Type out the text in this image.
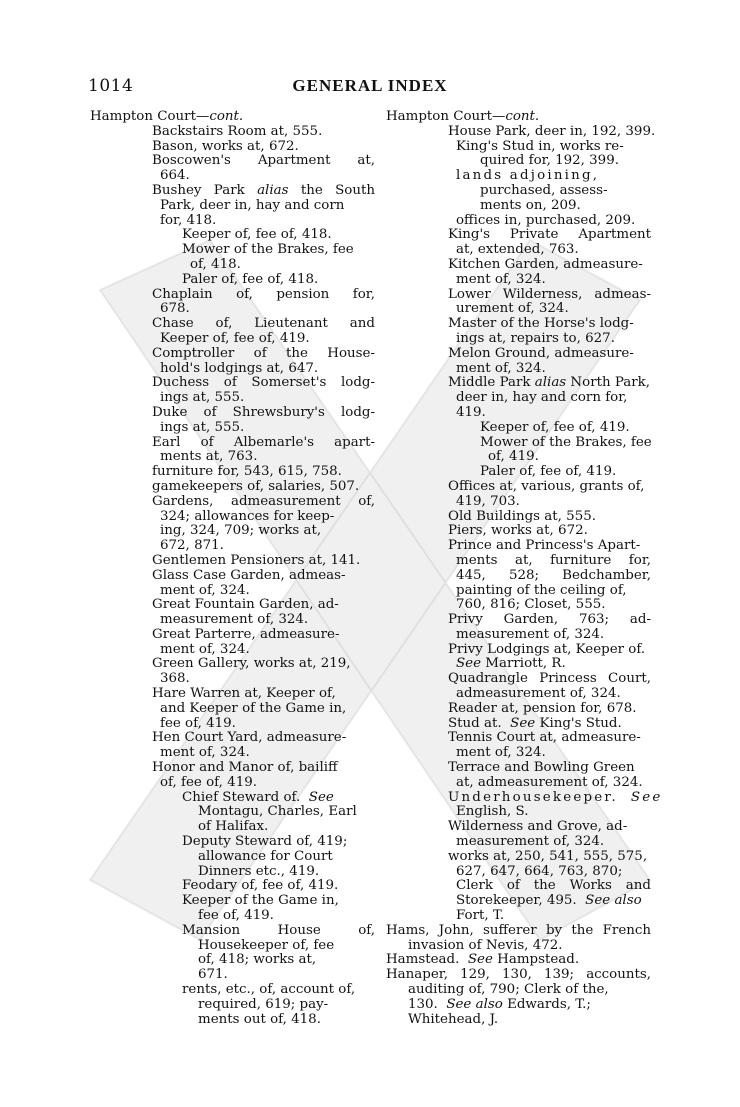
1014	GENERAL INDEX
Hampton Court—cont.
Backstairs Room at, 555.
Bason, works at, 672.
Boscowen's Apartment at,
664.
Bushey Park alias the South
Park, deer in, hay and corn
for, 418.
Keeper of, fee of, 418.
Mower of the Brakes, fee
of, 418.
Paler of, fee of, 418.
Chaplain of, pension for,
678.
Chase of, Lieutenant and
Keeper of, fee of, 419.
Comptroller of the House-
hold's lodgings at, 647.
Duchess of Somerset's lodg-
ings at, 555.
Duke of Shrewsbury's lodg-
ings at, 555.
Earl of Albemarle's apart-
ments at, 763.
furniture for, 543, 615, 758.
gamekeepers of, salaries, 507.
Gardens, admeasurement of,
324; allowances for keep-
ing, 324, 709; works at,
672, 871.
Gentlemen Pensioners at, 141.
Glass Case Garden, admeas-
ment of, 324.
Great Fountain Garden, ad-
measurement of, 324.
Great Parterre, admeasure-
ment of, 324.
Green Gallery, works at, 219,
368.
Hare Warren at, Keeper of,
and Keeper of the Game in,
fee of, 419.
Hen Court Yard, admeasure-
ment of, 324.
Honor and Manor of, bailiff
of, fee of, 419.
Chief Steward of.  See
Montagu, Charles, Earl
of Halifax.
Deputy Steward of, 419;
allowance for Court
Dinners etc., 419.
Feodary of, fee of, 419.
Keeper of the Game in,
fee of, 419.
Mansion House of,
Housekeeper of, fee
of, 418; works at,
671.
rents, etc., of, account of,
required, 619; pay-
ments out of, 418.
Hampton Court—cont.
House Park, deer in, 192, 399.
King's Stud in, works re-
quired for, 192, 399.
lands adjoining,
purchased, assess-
ments on, 209.
offices in, purchased, 209.
King's Private Apartment
at, extended, 763.
Kitchen Garden, admeasure-
ment of, 324.
Lower Wilderness, admeas-
urement of, 324.
Master of the Horse's lodg-
ings at, repairs to, 627.
Melon Ground, admeasure-
ment of, 324.
Middle Park alias North Park,
deer in, hay and corn for,
419.
Keeper of, fee of, 419.
Mower of the Brakes, fee
of, 419.
Paler of, fee of, 419.
Offices at, various, grants of,
419, 703.
Old Buildings at, 555.
Piers, works at, 672.
Prince and Princess's Apart-
ments at, furniture for,
445, 528; Bedchamber,
painting of the ceiling of,
760, 816; Closet, 555.
Privy Garden, 763; ad-
measurement of, 324.
Privy Lodgings at, Keeper of.
See Marriott, R.
Quadrangle Princess Court,
admeasurement of, 324.
Reader at, pension for, 678.
Stud at.  See King's Stud.
Tennis Court at, admeasure-
ment of, 324.
Terrace and Bowling Green
at, admeasurement of, 324.
Underhousekeeper.  See
English, S.
Wilderness and Grove, ad-
measurement of, 324.
works at, 250, 541, 555, 575,
627, 647, 664, 763, 870;
Clerk of the Works and
Storekeeper, 495.  See also
Fort, T.
Hams, John, sufferer by the French
invasion of Nevis, 472.
Hamstead.  See Hampstead.
Hanaper, 129, 130, 139; accounts,
auditing of, 790; Clerk of the,
130.  See also Edwards, T.;
Whitehead, J.
